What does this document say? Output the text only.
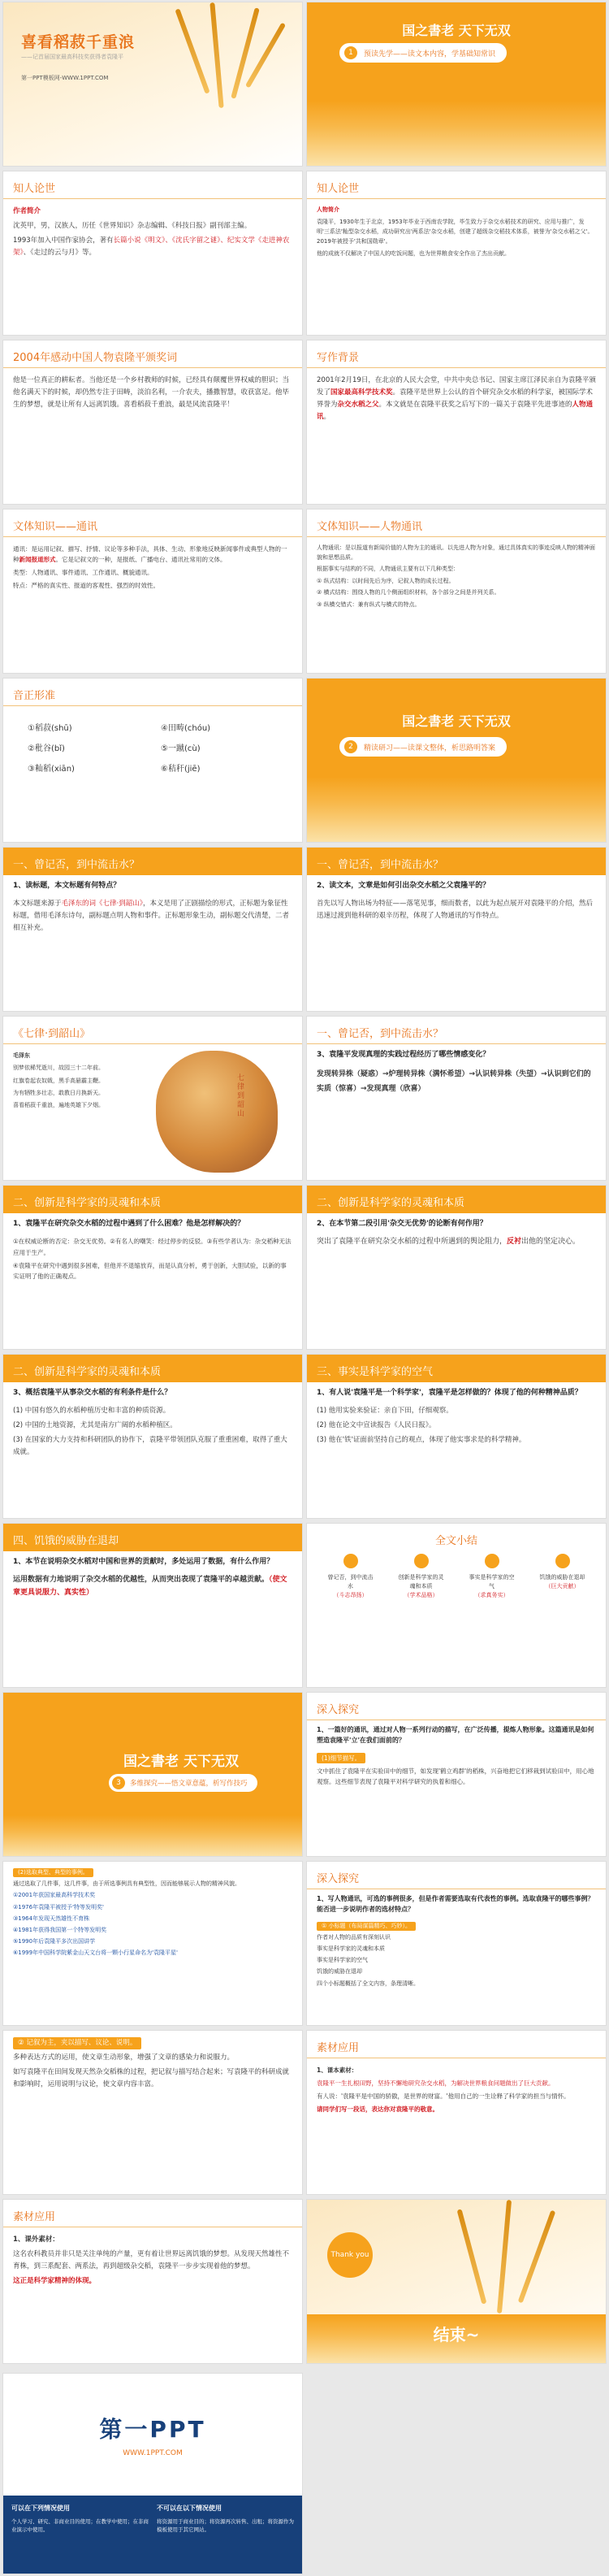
喜看稻菽千重浪
——记首届国家最高科技奖获得者袁隆平
第一PPT模板网-WWW.1PPT.COM
国之書老 天下无双
1	预读先学——读文本内容，学基础知常识
知人论世

作者简介

沈英甲，男，汉族人，历任《世界知识》杂志编辑、《科技日报》副刊部主编。

1993年加入中国作家协会，著有长篇小说《明文》、《沈氏字留之谜》、纪实文学《走进神农架》、《走过的云与月》等。

知人论世

人物简介

袁隆平，1930年生于北京，1953年毕业于西南农学院，毕生致力于杂交水稻技术的研究、应用与推广，发明'三系法'籼型杂交水稻，成功研究出'两系法'杂交水稻，创建了超级杂交稻技术体系，被誉为'杂交水稻之父'。2019年被授予'共和国勋章'。

他的成就不仅解决了中国人的吃饭问题，也为世界粮食安全作出了杰出贡献。

2004年感动中国人物袁隆平颁奖词

他是一位真正的耕耘者。当他还是一个乡村教师的时候，已经具有颠覆世界权威的胆识；当他名满天下的时候，却仍然专注于田畴，淡泊名利，一介农夫，播撒智慧，收获富足。他毕生的梦想，就是让所有人远离饥饿。喜看稻菽千重浪，最是风流袁隆平！

写作背景

2001年2月19日，在北京的人民大会堂，中共中央总书记、国家主席江泽民亲自为袁隆平颁发了国家最高科学技术奖。袁隆平是世界上公认的首个研究杂交水稻的科学家，被国际学术界誉为杂交水稻之父。本文就是在袁隆平获奖之后写下的一篇关于袁隆平先进事迹的人物通讯。

文体知识——通讯

通讯：是运用记叙、描写、抒情、议论等多种手法，具体、生动、形象地反映新闻事件或典型人物的一种新闻报道形式。它是记叙文的一种，是报纸、广播电台、通讯社常用的文体。

类型：人物通讯、事件通讯、工作通讯、概貌通讯。

特点：严格的真实性、报道的客观性、强烈的时效性。

文体知识——人物通讯

人物通讯：是以报道有新闻价值的人物为主的通讯。以先进人物为对象，通过具体真实的事迹反映人物的精神面貌和思想品质。

根据事实与结构的不同，人物通讯主要有以下几种类型：

① 纵式结构：以时间先后为序，记叙人物的成长过程。

② 横式结构：围绕人物的几个侧面组织材料，各个部分之间是并列关系。

③ 纵横交错式：兼有纵式与横式的特点。

音正形准
①稻菽(shū)	④田畴(chóu)
②秕谷(bǐ)	⑤一蹴(cù)
③籼稻(xiān)	⑥秸秆(jiē)
国之書老 天下无双
2	精读研习——读课文整体，析思路明答案
一、曾记否，到中流击水？
1、读标题，本文标题有何特点？

本文标题来源于毛泽东的词《七律·到韶山》，本义是用了正剧描绘的形式，正标题为象征性标题，借用毛泽东诗句，副标题点明人物和事件。正标题形象生动，副标题交代清楚，二者相互补充。

一、曾记否，到中流击水？
2、读文本，文章是如何引出杂交水稻之父袁隆平的？

首先以写人物出场为特征——落笔见事，细而数者，以此为起点展开对袁隆平的介绍，然后迅速过渡到他科研的艰辛历程，体现了人物通讯的写作特点。

《七律·到韶山》

毛泽东

别梦依稀咒逝川，故园三十二年前。

红旗卷起农奴戟，黑手高悬霸主鞭。

为有牺牲多壮志，敢教日月换新天。

喜看稻菽千重浪，遍地英雄下夕烟。	七律到韶山
一、曾记否，到中流击水？
3、袁隆平发现真理的实践过程经历了哪些情感变化？

发现转异株（疑惑）→炉理转异株（满怀希望）→认识转异株（失望）→认识到它们的实质（惊喜）→发现真理（欣喜）

二、创新是科学家的灵魂和本质
1、袁隆平在研究杂交水稻的过程中遇到了什么困难？他是怎样解决的？

①在权威论断的否定：杂交无优势。②有名人的嘲笑：经过停步的反驳。③有些学者认为：杂交稻种无法应用于生产。

④袁隆平在研究中遇到很多困难，但他并不退缩放弃，而是认真分析，勇于创新，大胆试验，以新的事实证明了他的正确观点。

二、创新是科学家的灵魂和本质
2、在本节第二段引用'杂交无优势'的论断有何作用？

突出了袁隆平在研究杂交水稻的过程中所遇到的舆论阻力，反衬出他的坚定决心。

二、创新是科学家的灵魂和本质
3、概括袁隆平从事杂交水稻的有利条件是什么？

(1) 中国有悠久的水稻种植历史和丰富的种质资源。

(2) 中国的土地资源，尤其是南方广阔的水稻种植区。

(3) 在国家的大力支持和科研团队的协作下，袁隆平带领团队克服了重重困难，取得了重大成就。

三、事实是科学家的空气
1、有人说'袁隆平是一个科学家'，袁隆平是怎样做的？体现了他的何种精神品质？

(1) 他用实验来验证：亲自下田，仔细观察。

(2) 他在论文中宣读报告《人民日报》。

(3) 他在'铁'证面前坚持自己的观点，体现了他实事求是的科学精神。

四、饥饿的威胁在退却
1、本节在说明杂交水稻对中国和世界的贡献时，多处运用了数据，有什么作用？

运用数据有力地说明了杂交水稻的优越性，从而突出表现了袁隆平的卓越贡献。（使文章更具说服力、真实性）

全文小结

曾记否，到中流击水

（斗志昂扬）

创新是科学家的灵魂和本质

（学术品格）

事实是科学家的空气

（求真务实）

饥饿的威胁在退却

（巨大贡献）

国之書老 天下无双
3	多维探究——悟文章意蕴，析写作技巧
深入探究
1、一篇好的通讯，通过对人物一系列行动的描写，在广泛传播，提炼人物形象。这篇通讯是如何塑造袁隆平'立'在我们面前的？

(1)细节描写。

文中抓住了袁隆平在实验田中的细节，如发现'鹤立鸡群'的稻株，兴奋地把它们移栽到试验田中，用心地观察。这些细节表现了袁隆平对科学研究的执着和细心。

(2)选取典型、典型的事例。

通过选取了几件事，这几件事，由于所选事例具有典型性，因而能够展示人物的精神风貌。

①2001年获国家最高科学技术奖

②1976年袁隆平被授予'特等发明奖'

③1964年发现天然雄性不育株

④1981年获得我国第一个特等发明奖

⑤1990年后袁隆平多次出国讲学

⑥1999年中国科学院紫金山天文台将一颗小行星命名为'袁隆平星'

深入探究
1、写人物通讯，可选的事例很多，但是作者需要选取有代表性的事例。选取袁隆平的哪些事例？能否进一步说明作者的选材特点？

① 小标题（布局谋篇精巧、巧妙）。

作者对人物的品质有深刻认识

事实是科学家的灵魂和本质

事实是科学家的空气

饥饿的威胁在退却

四个小标题概括了全文内容，条理清晰。

② 记叙为主，夹以描写、议论、说明。

多种表达方式的运用，使文章生动形象，增强了文章的感染力和说服力。

如写袁隆平在田间发现天然杂交稻株的过程，把记叙与描写结合起来；写袁隆平的科研成就和影响时，运用说明与议论，使文章内容丰富。

素材应用

1、课本素材：

袁隆平一生扎根田野，坚持不懈地研究杂交水稻，为解决世界粮食问题做出了巨大贡献。

有人说：'袁隆平是中国的骄傲，是世界的财富。'他用自己的一生诠释了科学家的担当与情怀。

请同学们写一段话，表达你对袁隆平的敬意。

素材应用

1、课外素材：

这名农科教员并非只是关注单纯的产量，更有着让世界远离饥饿的梦想。从发现天然雄性不育株，到三系配套、两系法，再到超级杂交稻，袁隆平一步步实现着他的梦想。

这正是科学家精神的体现。

Thank you
结束~
第一PPT
WWW.1PPT.COM
可以在下列情况使用
个人学习、研究、非商业目的使用；在教学中使用；在非商业演示中使用。
不可以在以下情况使用
将资源用于商业目的；将资源再次转售、出租；将资源作为模板使用于其它网站。
